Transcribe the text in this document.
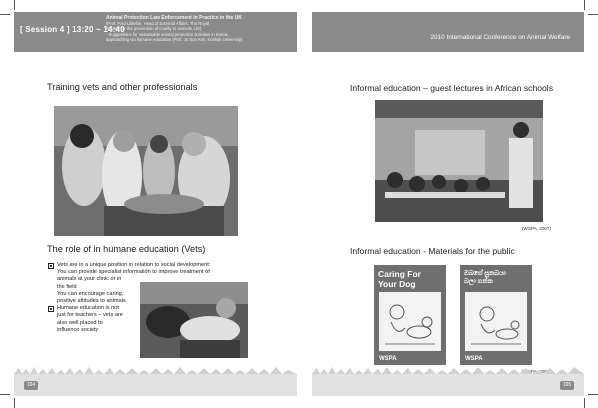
[ Session 4 ] 13:20 ~ 14:40
Animal Protection Law Enforcement in Practice in the UK
(Prof. Paul Littlefair, Head of External Affairs, The Royal
Society for the prevention of cruelty to animals, UK)
- Suggestions for sustainable animal protection activities in Korea:
approaching via humane education (Prof. Jo Sun Kim, Konkuk University)
Training vets and other professionals
The role of in humane education (Vets)
■ Vets are in a unique position in relation to social development:
You can provide specialist information to improve treatment of
animals at your clinic or in
the field
You can encourage caring,
positive attitudes to animals
■ Humane education is not
just for teachers – vets are
also well placed to
influence society
194
2010 International Conference on Animal Welfare
Informal education – guest lectures in African schools
(WSPA, 2007)
Informal education - Materials for the public
Caring For
Your Dog
WSPA
ඔබගේ සුනඛයා
බලා ගන්න
WSPA
195
